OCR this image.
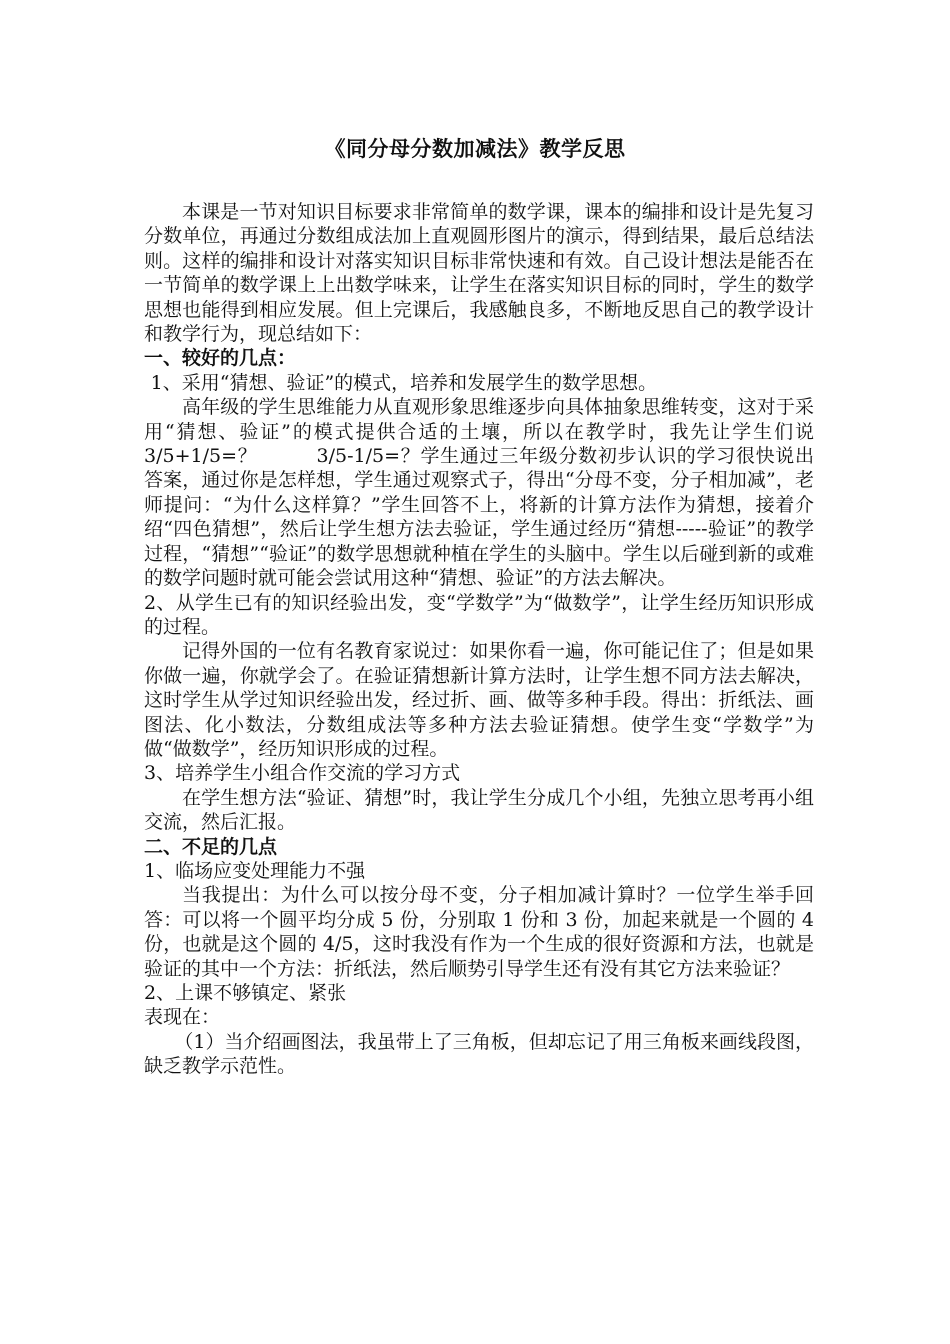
《同分母分数加减法》教学反思

本课是一节对知识目标要求非常简单的数学课，课本的编排和设计是先复习分数单位，再通过分数组成法加上直观圆形图片的演示，得到结果，最后总结法则。这样的编排和设计对落实知识目标非常快速和有效。自己设计想法是能否在一节简单的数学课上上出数学味来，让学生在落实知识目标的同时，学生的数学思想也能得到相应发展。但上完课后，我感触良多，不断地反思自己的教学设计和教学行为，现总结如下：

一、较好的几点：

1、采用“猜想、验证”的模式，培养和发展学生的数学思想。

高年级的学生思维能力从直观形象思维逐步向具体抽象思维转变，这对于采用“猜想、验证”的模式提供合适的土壤，所以在教学时，我先让学生们说 3/5+1/5=？　　　3/5-1/5=？学生通过三年级分数初步认识的学习很快说出答案，通过你是怎样想，学生通过观察式子，得出“分母不变，分子相加减”，老师提问：“为什么这样算？”学生回答不上，将新的计算方法作为猜想，接着介绍“四色猜想”，然后让学生想方法去验证，学生通过经历“猜想-----验证”的教学过程，“猜想”“验证”的数学思想就种植在学生的头脑中。学生以后碰到新的或难的数学问题时就可能会尝试用这种“猜想、验证”的方法去解决。

2、从学生已有的知识经验出发，变“学数学”为“做数学”，让学生经历知识形成的过程。

记得外国的一位有名教育家说过：如果你看一遍，你可能记住了；但是如果你做一遍，你就学会了。在验证猜想新计算方法时，让学生想不同方法去解决，这时学生从学过知识经验出发，经过折、画、做等多种手段。得出：折纸法、画图法、化小数法，分数组成法等多种方法去验证猜想。使学生变“学数学”为做“做数学”，经历知识形成的过程。

3、培养学生小组合作交流的学习方式

在学生想方法“验证、猜想”时，我让学生分成几个小组，先独立思考再小组交流，然后汇报。

二、不足的几点

1、临场应变处理能力不强

当我提出：为什么可以按分母不变，分子相加减计算时？一位学生举手回答：可以将一个圆平均分成 5 份，分别取 1 份和 3 份，加起来就是一个圆的 4 份，也就是这个圆的 4/5，这时我没有作为一个生成的很好资源和方法，也就是验证的其中一个方法：折纸法，然后顺势引导学生还有没有其它方法来验证？

2、上课不够镇定、紧张

表现在：

（1）当介绍画图法，我虽带上了三角板，但却忘记了用三角板来画线段图，缺乏教学示范性。
